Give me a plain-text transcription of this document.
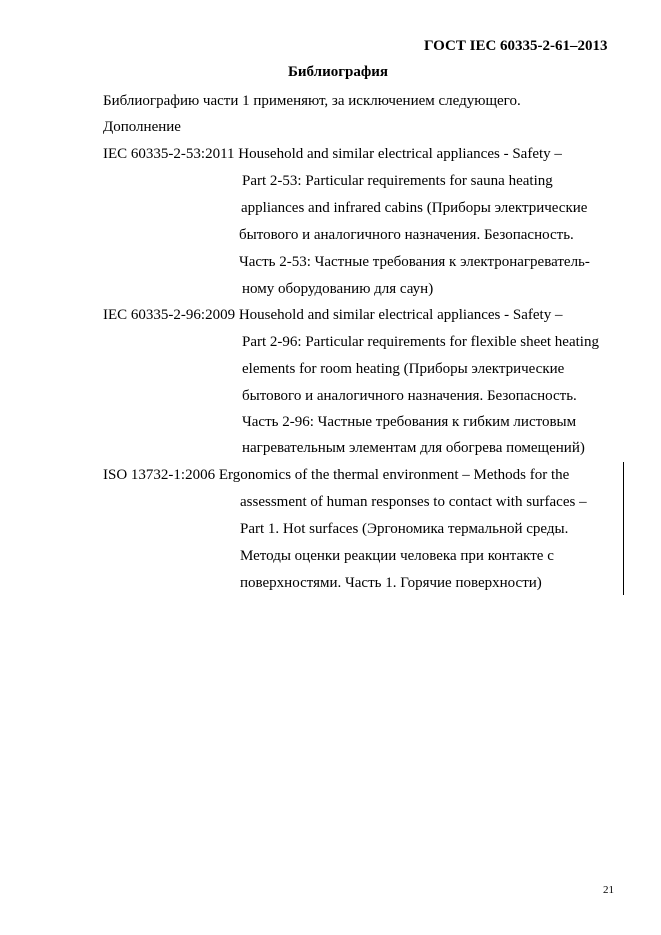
ГОСТ IEC 60335-2-61–2013
Библиография
Библиографию части 1 применяют, за исключением следующего.
Дополнение
IEC 60335-2-53:2011 Household and similar electrical appliances - Safety –
Part 2-53: Particular requirements for sauna heating
appliances and infrared cabins (Приборы электрические
бытового и аналогичного назначения. Безопасность.
Часть 2-53: Частные требования к электронагреватель-
ному оборудованию для саун)
IEC 60335-2-96:2009 Household and similar electrical appliances - Safety –
Part 2-96: Particular requirements for flexible sheet heating
elements for room heating (Приборы электрические
бытового и аналогичного назначения. Безопасность.
Часть 2-96: Частные требования к гибким листовым
нагревательным элементам для обогрева помещений)
ISO 13732-1:2006 Ergonomics of the thermal environment – Methods for the
assessment of human responses to contact with surfaces –
Part 1. Hot surfaces (Эргономика термальной среды.
Методы оценки реакции человека при контакте с
поверхностями. Часть 1. Горячие поверхности)
21
